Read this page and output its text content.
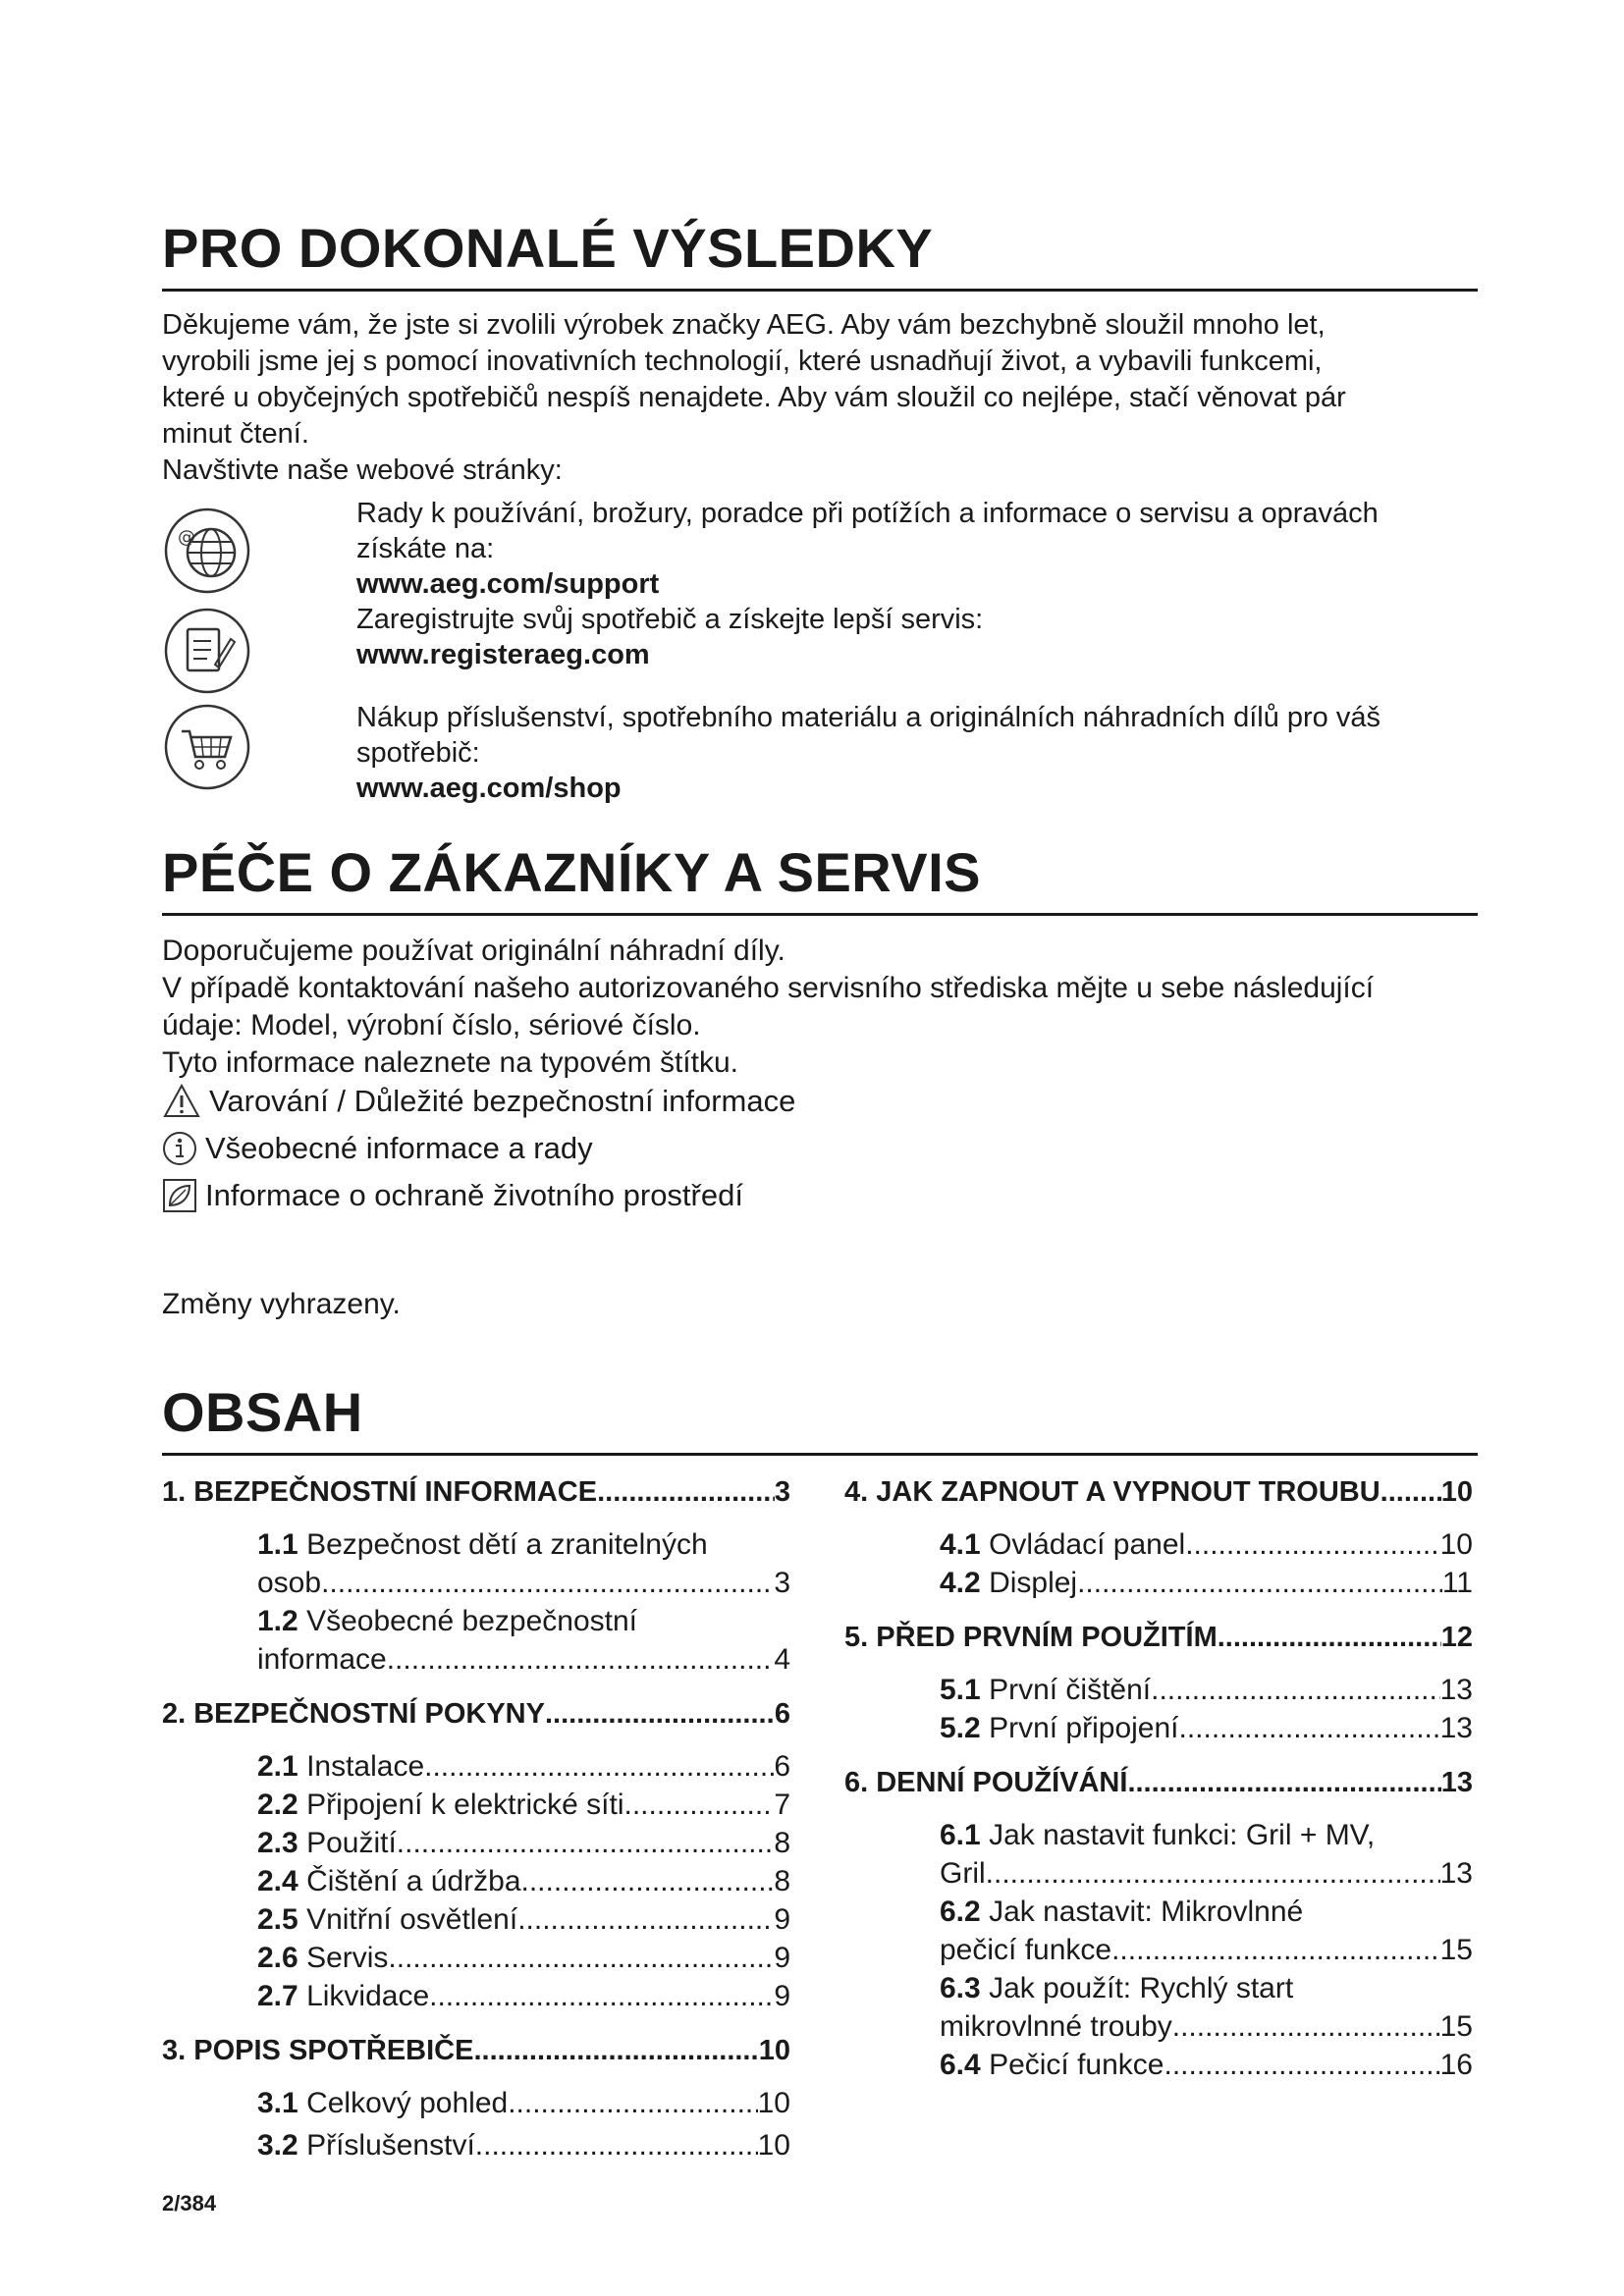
PRO DOKONALÉ VÝSLEDKY
Děkujeme vám, že jste si zvolili výrobek značky AEG. Aby vám bezchybně sloužil mnoho let,
vyrobili jsme jej s pomocí inovativních technologií, které usnadňují život, a vybavili funkcemi,
které u obyčejných spotřebičů nespíš nenajdete. Aby vám sloužil co nejlépe, stačí věnovat pár
minut čtení.
Navštivte naše webové stránky:
@
Rady k používání, brožury, poradce při potížích a informace o servisu a opravách
získáte na:
www.aeg.com/support
Zaregistrujte svůj spotřebič a získejte lepší servis:
www.registeraeg.com
Nákup příslušenství, spotřebního materiálu a originálních náhradních dílů pro váš
spotřebič:
www.aeg.com/shop
PÉČE O ZÁKAZNÍKY A SERVIS
Doporučujeme používat originální náhradní díly.
V případě kontaktování našeho autorizovaného servisního střediska mějte u sebe následující
údaje: Model, výrobní číslo, sériové číslo.
Tyto informace naleznete na typovém štítku.
Varování / Důležité bezpečnostní informace
Všeobecné informace a rady
Informace o ochraně životního prostředí
Změny vyhrazeny.
OBSAH
1. BEZPEČNOSTNÍ INFORMACE .....	3
1.1 Bezpečnost dětí a zranitelných
osob .....	3
1.2 Všeobecné bezpečnostní
informace .....	4
2. BEZPEČNOSTNÍ POKYNY .....	6
2.1
Instalace .....	6
2.2
Připojení k elektrické síti .....	7
2.3
Použití .....	8
2.4
Čištění a údržba .....	8
2.5
Vnitřní osvětlení .....	9
2.6
Servis .....	9
2.7
Likvidace .....	9
3. POPIS SPOTŘEBIČE .....	10
3.1
Celkový pohled .....	10
3.2
Příslušenství .....	10
4. JAK ZAPNOUT A VYPNOUT TROUBU ..... 10
4.1
Ovládací panel .....	10
4.2
Displej .....	11
5. PŘED PRVNÍM POUŽITÍM .....	12
5.1
První čištění .....	13
5.2
První připojení .....	13
6. DENNÍ POUŽÍVÁNÍ .....	13
6.1 Jak nastavit funkci: Gril + MV,
Gril .....	13
6.2 Jak nastavit: Mikrovlnné
pečicí funkce .....	15
6.3 Jak použít: Rychlý start
mikrovlnné trouby .....	15
6.4
Pečicí funkce .....	16
2/384
